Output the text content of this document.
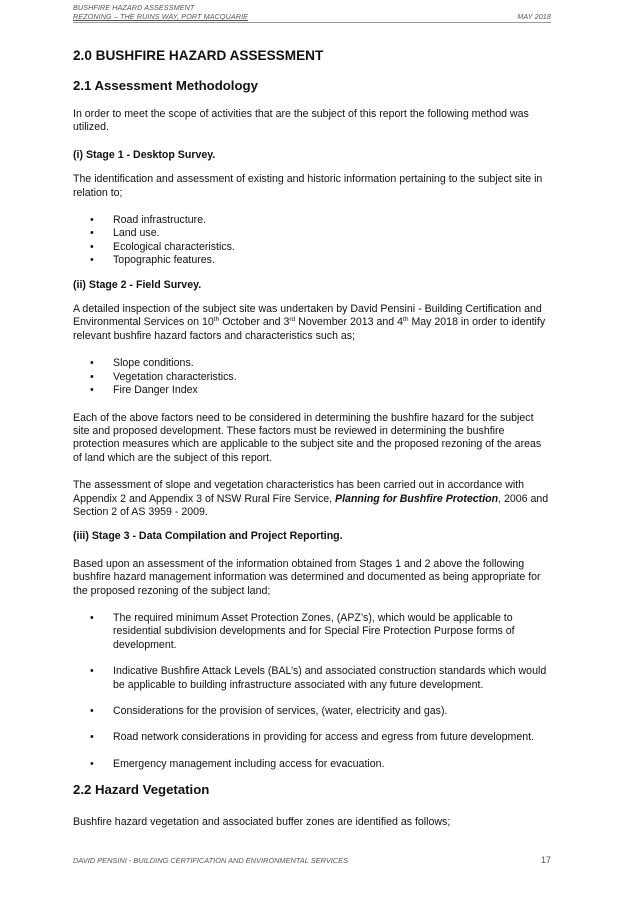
BUSHFIRE HAZARD ASSESSMENT
REZONING – THE RUINS WAY, PORT MACQUARIE	MAY 2018
2.0 BUSHFIRE HAZARD ASSESSMENT
2.1 Assessment Methodology

In order to meet the scope of activities that are the subject of this report the following method was utilized.

(i) Stage 1 - Desktop Survey.

The identification and assessment of existing and historic information pertaining to the subject site in relation to;

• Road infrastructure.
• Land use.
• Ecological characteristics.
• Topographic features.

(ii) Stage 2 - Field Survey.

A detailed inspection of the subject site was undertaken by David Pensini - Building Certification and Environmental Services on 10th October and 3rd November 2013 and 4th May 2018 in order to identify relevant bushfire hazard factors and characteristics such as;

• Slope conditions.
• Vegetation characteristics.
• Fire Danger Index

Each of the above factors need to be considered in determining the bushfire hazard for the subject site and proposed development. These factors must be reviewed in determining the bushfire protection measures which are applicable to the subject site and the proposed rezoning of the areas of land which are the subject of this report.

The assessment of slope and vegetation characteristics has been carried out in accordance with Appendix 2 and Appendix 3 of NSW Rural Fire Service, Planning for Bushfire Protection, 2006 and Section 2 of AS 3959 - 2009.

(iii) Stage 3 - Data Compilation and Project Reporting.

Based upon an assessment of the information obtained from Stages 1 and 2 above the following bushfire hazard management information was determined and documented as being appropriate for the proposed rezoning of the subject land;

• The required minimum Asset Protection Zones, (APZ’s), which would be applicable to residential subdivision developments and for Special Fire Protection Purpose forms of development.
• Indicative Bushfire Attack Levels (BAL’s) and associated construction standards which would be applicable to building infrastructure associated with any future development.
• Considerations for the provision of services, (water, electricity and gas).
• Road network considerations in providing for access and egress from future development.
• Emergency management including access for evacuation.
2.2 Hazard Vegetation

Bushfire hazard vegetation and associated buffer zones are identified as follows;

DAVID PENSINI - BUILDING CERTIFICATION AND ENVIRONMENTAL SERVICES	17
